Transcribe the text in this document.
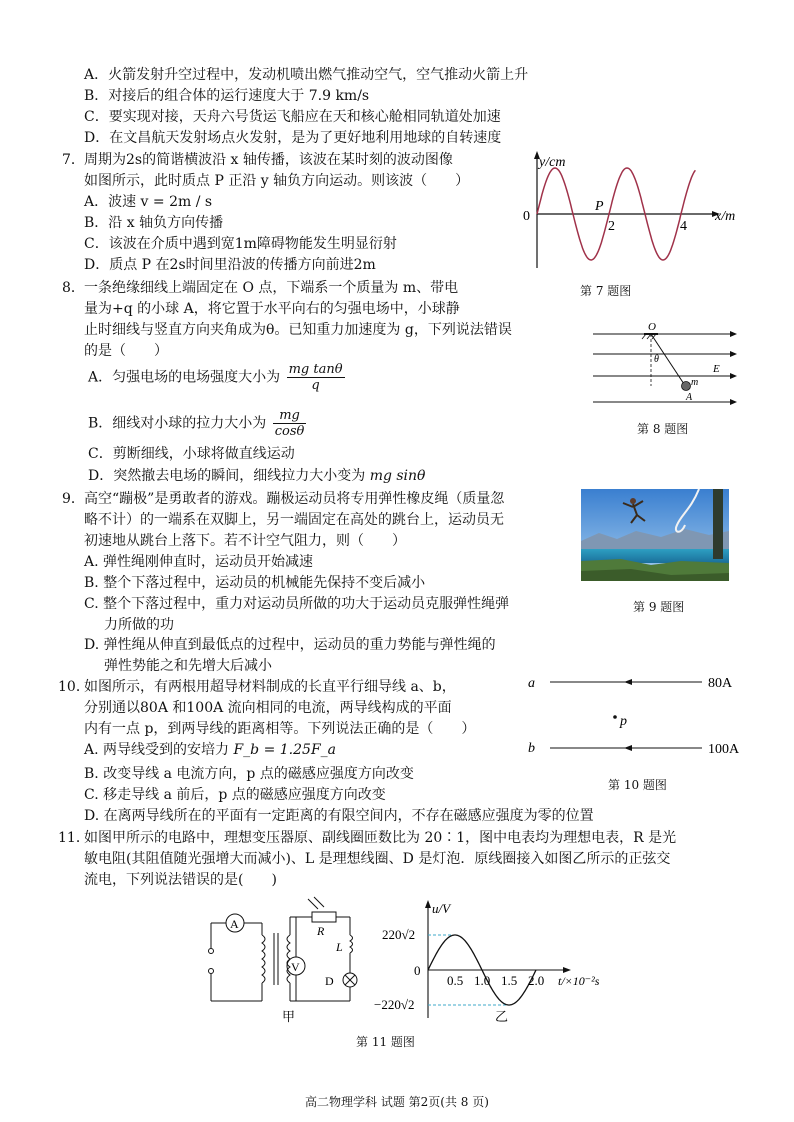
A．火箭发射升空过程中，发动机喷出燃气推动空气，空气推动火箭上升
B．对接后的组合体的运行速度大于 7.9 km/s
C．要实现对接，天舟六号货运飞船应在天和核心舱相同轨道处加速
D．在文昌航天发射场点火发射，是为了更好地利用地球的自转速度
7． 周期为2s的简谐横波沿 x 轴传播，该波在某时刻的波动图像
如图所示，此时质点 P 正沿 y 轴负方向运动。则该波（　　）
A．波速 v = 2m / s
B．沿 x 轴负方向传播
C．该波在介质中遇到宽1m障碍物能发生明显衍射
D．质点 P 在2s时间里沿波的传播方向前进2m
y/cm
0
P
2	4
x/m
第 7 题图
8． 一条绝缘细线上端固定在 O 点，下端系一个质量为 m、带电
量为+q 的小球 A，将它置于水平向右的匀强电场中，小球静
止时细线与竖直方向夹角成为θ。已知重力加速度为 g，下列说法错误
的是（　　）
A．匀强电场的电场强度大小为 $\frac{\text{mg tanθ}}{q}$
B．细线对小球的拉力大小为 $\frac{mg}{\cos\theta}$
C．剪断细线，小球将做直线运动
D．突然撤去电场的瞬间，细线拉力大小变为 mg sinθ
O
θ
m
E
A
第 8 题图
9． 高空“蹦极”是勇敢者的游戏。蹦极运动员将专用弹性橡皮绳（质量忽
略不计）的一端系在双脚上，另一端固定在高处的跳台上，运动员无
初速地从跳台上落下。若不计空气阻力，则（　　）
A. 弹性绳刚伸直时，运动员开始减速
B. 整个下落过程中，运动员的机械能先保持不变后减小
C. 整个下落过程中，重力对运动员所做的功大于运动员克服弹性绳弹
力所做的功
D. 弹性绳从伸直到最低点的过程中，运动员的重力势能与弹性绳的
弹性势能之和先增大后减小
第 9 题图
10．
如图所示，有两根用超导材料制成的长直平行细导线 a、b，
分别通以80A 和100A 流向相同的电流，两导线构成的平面
内有一点 p，到两导线的距离相等。下列说法正确的是（　　）
A. 两导线受到的安培力 F_b = 1.25F_a
B. 改变导线 a 电流方向，p 点的磁感应强度方向改变
C. 移走导线 a 前后，p 点的磁感应强度方向改变
D. 在离两导线所在的平面有一定距离的有限空间内，不存在磁感应强度为零的位置
a	80A
p
b	100A
第 10 题图
11．
如图甲所示的电路中，理想变压器原、副线圈匝数比为 20∶1，图中电表均为理想电表，R 是光
敏电阻(其阻值随光强增大而减小)、L 是理想线圈、D 是灯泡．原线圈接入如图乙所示的正弦交
流电，下列说法错误的是(　　)
A	R
L
D
V
甲
u/V
220√2
0
−220√2
0.5 1.0 1.5 2.0 t/×10⁻²s
乙
第 11 题图
高二物理学科 试题 第2页(共 8 页)
